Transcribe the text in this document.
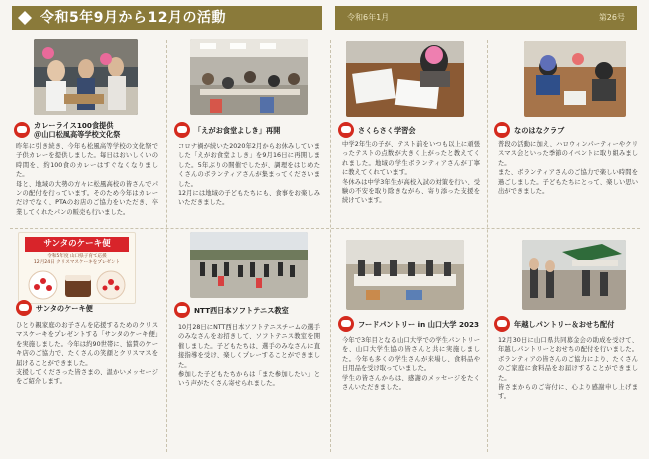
令和5年9月から12月の活動	令和6年1月	第26号
カレーライス100食提供
＠山口松風高等学校文化祭
昨年に引き続き、今年も松風高等学校の文化祭で子供カレーを提供しました。毎日はおいしくいの時間を、約100食のカレーはすぐなくなりました。
母と、地域の大勢の方々に松風高校の皆さんでパンの配付を行っています。そのため今年はカレーだけでなく、PTAのお店のご協力をいただき、卒業してくれたパンの販売も行いました。
「えがお食堂よしき」再開
コロナ禍が続いた2020年2月からお休みしていました「えがお食堂よしき」を9月16日に再開しました。5年ぶりの開催でしたが、調理をはじめたくさんのボランティアさんが集まってくださいました。
12月には地域の子どもたちにも、食事をお楽しみいただきました。
さくらさく学習会
中学2年生の子が、テスト前をいつも以上に頑張ったテストの点数が大きく上がったと教えてくれました。地域の学生ボランティアさんが丁寧に教えてくれています。
冬休みは中学3年生が高校入試の対策を行い、受験の不安を取り除きながら、寄り添った支援を続けています。
なのはなクラブ
普段の活動に加え、ハロウィンパーティーやクリスマス会といった季節のイベントに取り組みました。
また、ボランティアさんのご協力で楽しい時間を過ごしました。子どもたちにとって、楽しい思い出ができました。
サンタのケーキ便
令和5年度 山口県子育て応援
12月24日 クリスマスケーキをプレゼント
サンタのケーキ便
ひとり親家庭のお子さんを応援するためのクリスマスケーキをプレゼントする「サンタのケーキ便」を実施しました。今年は約90世帯に、協賛のケーキ店のご協力で、たくさんの笑顔とクリスマスを届けることができました。
支援してくださった皆さまの、温かいメッセージをご紹介します。
NTT西日本ソフトテニス教室
10月28日にNTT西日本ソフトテニスチームの選手のみなさんをお招きして、ソフトテニス教室を開催しました。子どもたちは、選手のみなさんに直接指導を受け、楽しくプレーすることができました。
参加した子どもたちからは「また参加したい」という声がたくさん寄せられました。
フードパントリー in 山口大学 2023
今年で3年目となる山口大学での学生パントリーを、山口大学生協の皆さんと共に実施しました。今年も多くの学生さんが来場し、食料品や日用品を受け取っていました。
学生の皆さんからは、感謝のメッセージをたくさんいただきました。
年越しパントリー＆おせち配付
12月30日に山口県共同募金会の助成を受けて、年越しパントリーとおせちの配付を行いました。ボランティアの皆さんのご協力により、たくさんのご家庭に食料品をお届けすることができました。
皆さまからのご寄付に、心より感謝申し上げます。
